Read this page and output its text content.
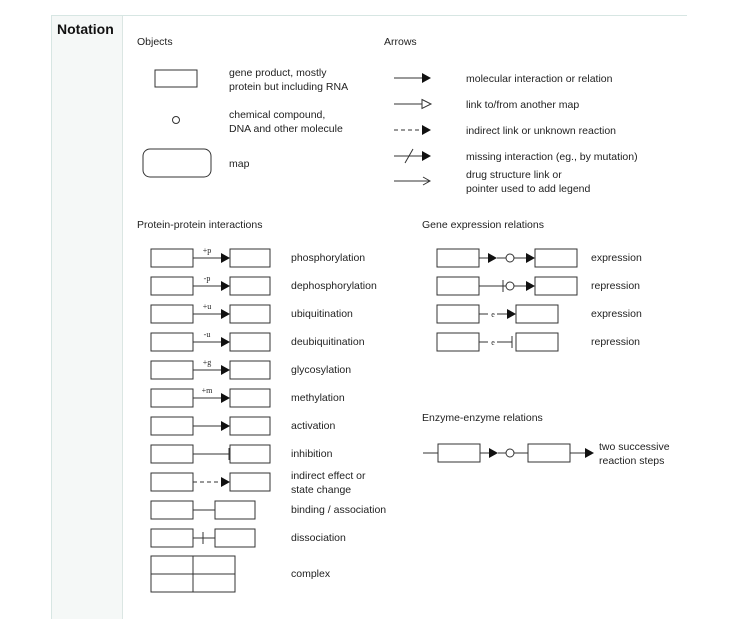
Notation
Objects	Arrows
Protein-protein interactions	Gene expression relations
Enzyme-enzyme relations
gene product, mostly
protein but including RNA
chemical compound,
DNA and other molecule
map
molecular interaction or relation
link to/from another map
indirect link or unknown reaction
missing interaction (eg., by mutation)
drug structure link or
pointer used to add legend
phosphorylation
dephosphorylation
ubiquitination
deubiquitination
glycosylation
methylation
activation
inhibition
indirect effect or
state change
binding / association
dissociation
complex
expression
repression
expression
repression
two successive
reaction steps
+p
-p
+u
-u
+g
+m
e
e
